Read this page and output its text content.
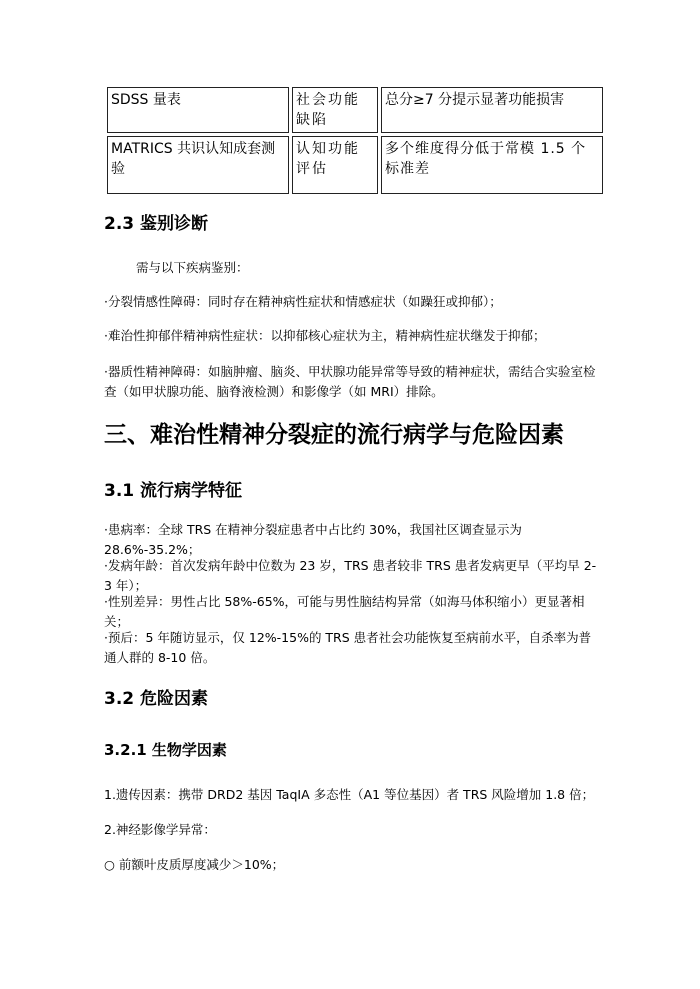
SDSS 量表	社会功能缺陷	总分≥7 分提示显著功能损害
MATRICS 共识认知成套测验	认知功能评估	多个维度得分低于常模 1.5 个标准差
2.3 鉴别诊断
需与以下疾病鉴别：
·分裂情感性障碍：同时存在精神病性症状和情感症状（如躁狂或抑郁）；
·难治性抑郁伴精神病性症状：以抑郁核心症状为主，精神病性症状继发于抑郁；
·器质性精神障碍：如脑肿瘤、脑炎、甲状腺功能异常等导致的精神症状，需结合实验室检查（如甲状腺功能、脑脊液检测）和影像学（如 MRI）排除。
三、难治性精神分裂症的流行病学与危险因素
3.1 流行病学特征
·患病率：全球 TRS 在精神分裂症患者中占比约 30%，我国社区调查显示为 28.6%-35.2%；
·发病年龄：首次发病年龄中位数为 23 岁，TRS 患者较非 TRS 患者发病更早（平均早 2-3 年）；
·性别差异：男性占比 58%-65%，可能与男性脑结构异常（如海马体积缩小）更显著相关；
·预后：5 年随访显示，仅 12%-15%的 TRS 患者社会功能恢复至病前水平，自杀率为普通人群的 8-10 倍。
3.2 危险因素
3.2.1 生物学因素
1.遗传因素：携带 DRD2 基因 TaqIA 多态性（A1 等位基因）者 TRS 风险增加 1.8 倍；
2.神经影像学异常：
○ 前额叶皮质厚度减少＞10%；
